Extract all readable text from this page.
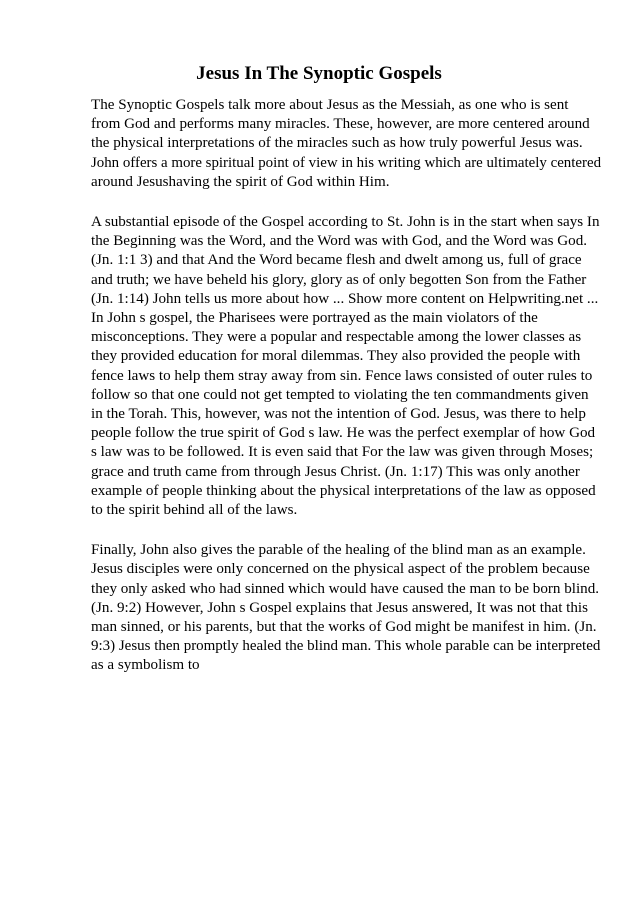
Jesus In The Synoptic Gospels
The Synoptic Gospels talk more about Jesus as the Messiah, as one who is sent
from God and performs many miracles. These, however, are more centered around
the physical interpretations of the miracles such as how truly powerful Jesus was.
John offers a more spiritual point of view in his writing which are ultimately centered
around Jesushaving the spirit of God within Him.
A substantial episode of the Gospel according to St. John is in the start when says In
the Beginning was the Word, and the Word was with God, and the Word was God.
(Jn. 1:1 3) and that And the Word became flesh and dwelt among us, full of grace
and truth; we have beheld his glory, glory as of only begotten Son from the Father
(Jn. 1:14) John tells us more about how ... Show more content on Helpwriting.net ...
In John s gospel, the Pharisees were portrayed as the main violators of the
misconceptions. They were a popular and respectable among the lower classes as
they provided education for moral dilemmas. They also provided the people with
fence laws to help them stray away from sin. Fence laws consisted of outer rules to
follow so that one could not get tempted to violating the ten commandments given
in the Torah. This, however, was not the intention of God. Jesus, was there to help
people follow the true spirit of God s law. He was the perfect exemplar of how God
s law was to be followed. It is even said that For the law was given through Moses;
grace and truth came from through Jesus Christ. (Jn. 1:17) This was only another
example of people thinking about the physical interpretations of the law as opposed
to the spirit behind all of the laws.
Finally, John also gives the parable of the healing of the blind man as an example.
Jesus disciples were only concerned on the physical aspect of the problem because
they only asked who had sinned which would have caused the man to be born blind.
(Jn. 9:2) However, John s Gospel explains that Jesus answered, It was not that this
man sinned, or his parents, but that the works of God might be manifest in him. (Jn.
9:3) Jesus then promptly healed the blind man. This whole parable can be interpreted
as a symbolism to
